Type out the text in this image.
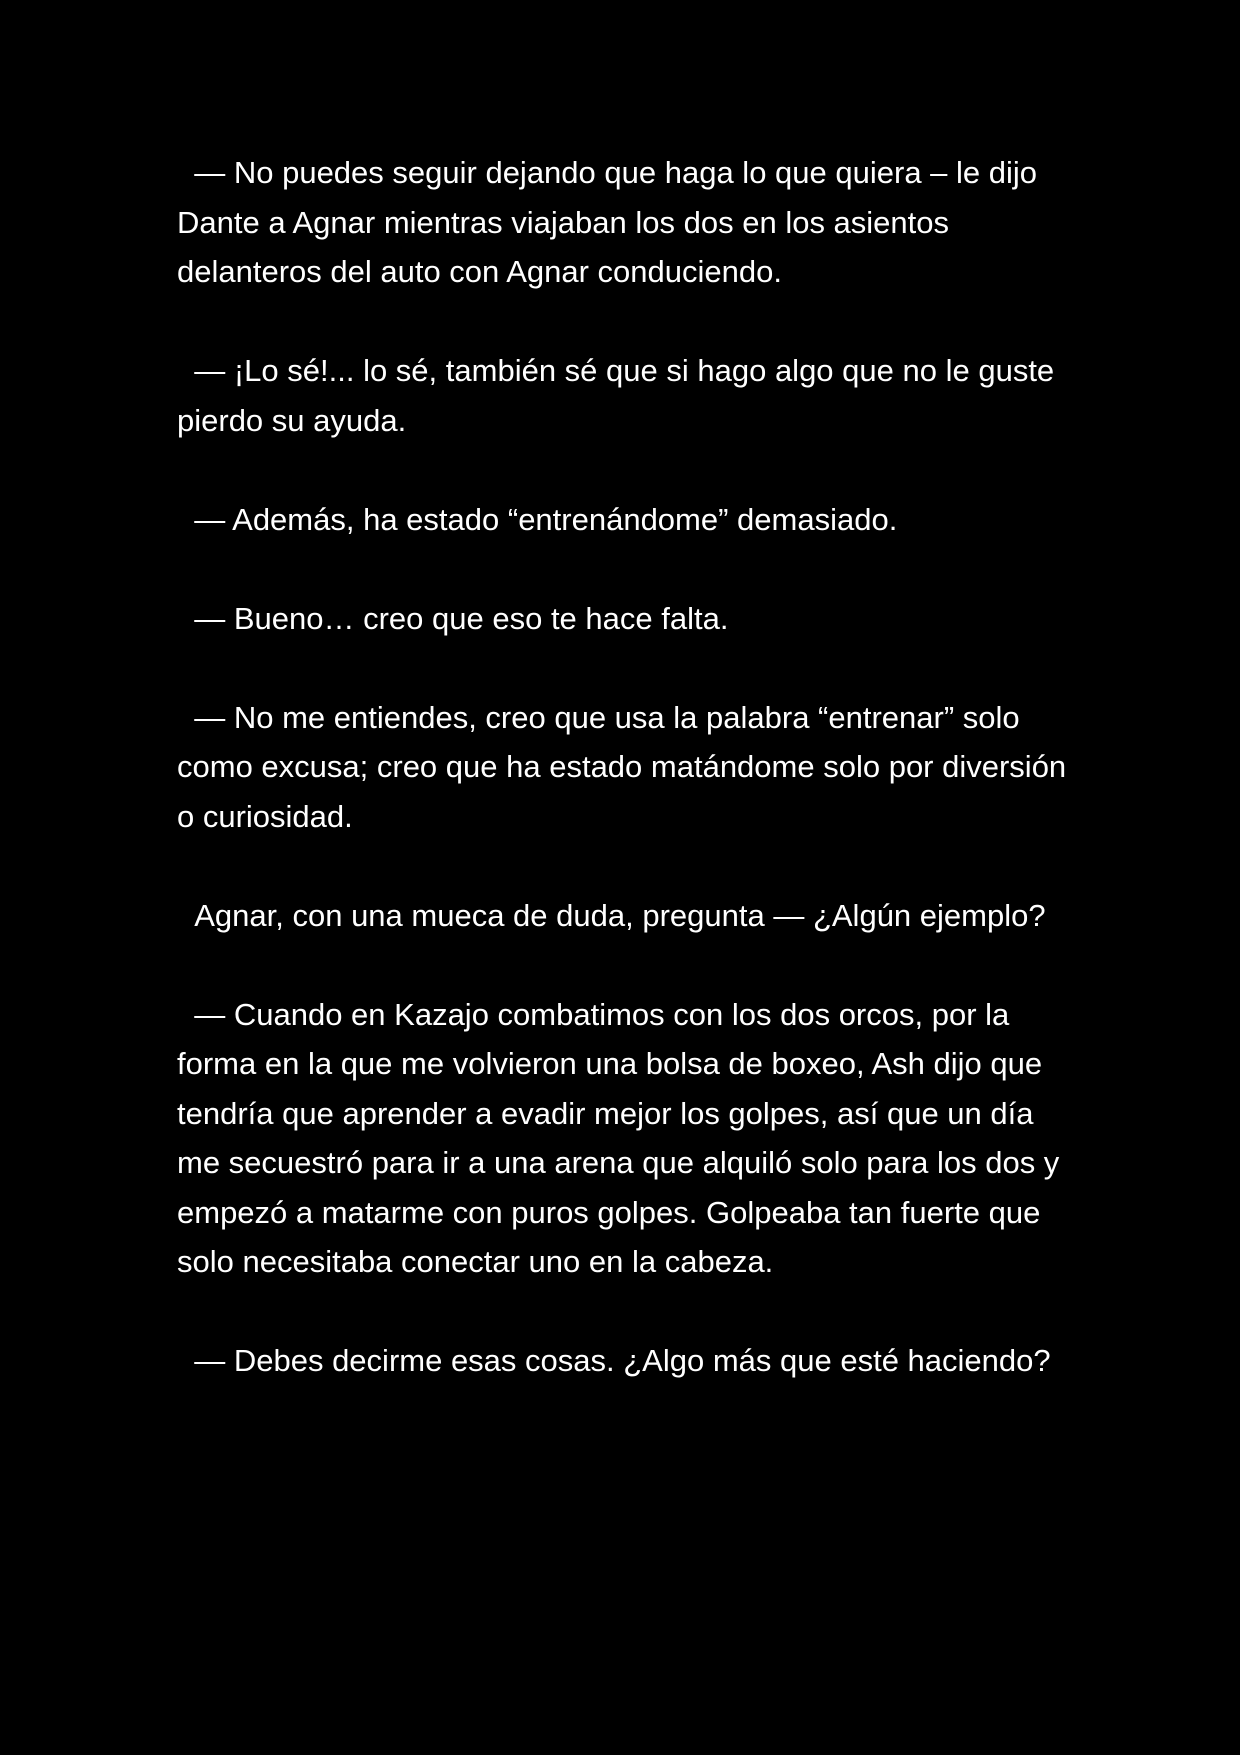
— No puedes seguir dejando que haga lo que quiera – le dijo Dante a Agnar mientras viajaban los dos en los asientos delanteros del auto con Agnar conduciendo.

— ¡Lo sé!... lo sé, también sé que si hago algo que no le guste pierdo su ayuda.

— Además, ha estado “entrenándome” demasiado.

— Bueno… creo que eso te hace falta.

— No me entiendes, creo que usa la palabra “entrenar” solo como excusa; creo que ha estado matándome solo por diversión o curiosidad.

Agnar, con una mueca de duda, pregunta — ¿Algún ejemplo?

— Cuando en Kazajo combatimos con los dos orcos, por la forma en la que me volvieron una bolsa de boxeo, Ash dijo que tendría que aprender a evadir mejor los golpes, así que un día me secuestró para ir a una arena que alquiló solo para los dos y empezó a matarme con puros golpes. Golpeaba tan fuerte que solo necesitaba conectar uno en la cabeza.

— Debes decirme esas cosas. ¿Algo más que esté haciendo?
